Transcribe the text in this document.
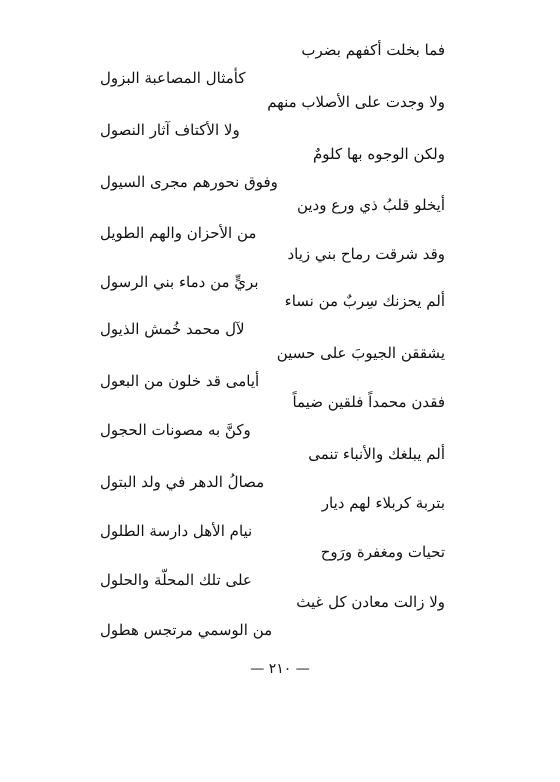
فما بخلت أكفهم بضرب
كأمثال المصاعبة البزول
ولا وجدت على الأصلاب منهم
ولا الأكتاف آثار النصول
ولكن الوجوه بها كلومٌ
وفوق نحورهم مجرى السيول
أيخلو قلبُ ذي ورع ودين
من الأحزان والهم الطويل
وقد شرقت رماح بني زياد
بريٍّ من دماء بني الرسول
ألم يحزنك سِربٌ من نساء
لآل محمد خُمش الذيول
يشققن الجيوبَ على حسين
أيامى قد خلون من البعول
فقدن محمداً فلقين ضيماً
وكنَّ به مصونات الحجول
ألم يبلغك والأنباء تنمى
مصالُ الدهر في ولد البتول
بتربة كربلاء لهم ديار
نيام الأهل دارسة الطلول
تحيات ومغفرة ورَوح
على تلك المحلّة والحلول
ولا زالت معادن كل غيث
من الوسمي مرتجس هطول
— ٢١٠ —
